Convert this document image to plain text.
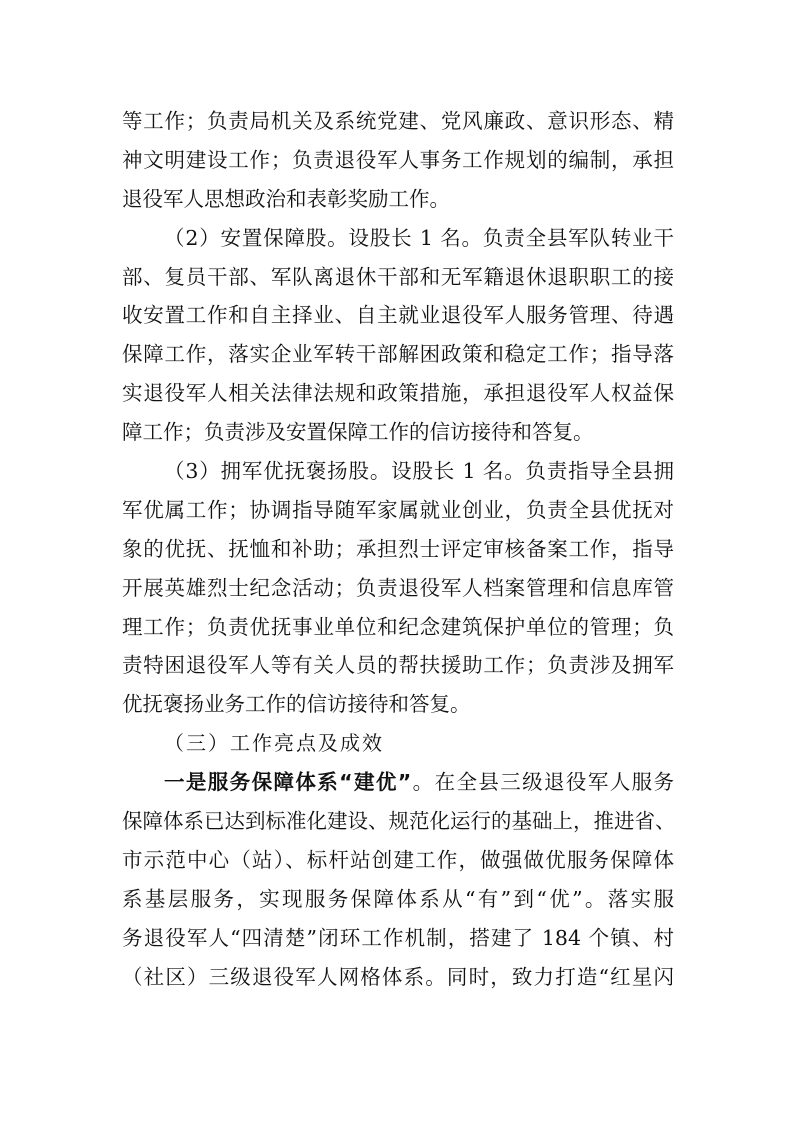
等工作；负责局机关及系统党建、党风廉政、意识形态、精
神文明建设工作；负责退役军人事务工作规划的编制，承担
退役军人思想政治和表彰奖励工作。
（2）安置保障股。设股长 1 名。负责全县军队转业干
部、复员干部、军队离退休干部和无军籍退休退职职工的接
收安置工作和自主择业、自主就业退役军人服务管理、待遇
保障工作，落实企业军转干部解困政策和稳定工作；指导落
实退役军人相关法律法规和政策措施，承担退役军人权益保
障工作；负责涉及安置保障工作的信访接待和答复。
（3）拥军优抚褒扬股。设股长 1 名。负责指导全县拥
军优属工作；协调指导随军家属就业创业，负责全县优抚对
象的优抚、抚恤和补助；承担烈士评定审核备案工作，指导
开展英雄烈士纪念活动；负责退役军人档案管理和信息库管
理工作；负责优抚事业单位和纪念建筑保护单位的管理；负
责特困退役军人等有关人员的帮扶援助工作；负责涉及拥军
优抚褒扬业务工作的信访接待和答复。
（三）工作亮点及成效
一是服务保障体系“建优”。在全县三级退役军人服务
保障体系已达到标准化建设、规范化运行的基础上，推进省、
市示范中心（站）、标杆站创建工作，做强做优服务保障体
系基层服务，实现服务保障体系从“有”到“优”。落实服
务退役军人“四清楚”闭环工作机制，搭建了 184 个镇、村
（社区）三级退役军人网格体系。同时，致力打造“红星闪
